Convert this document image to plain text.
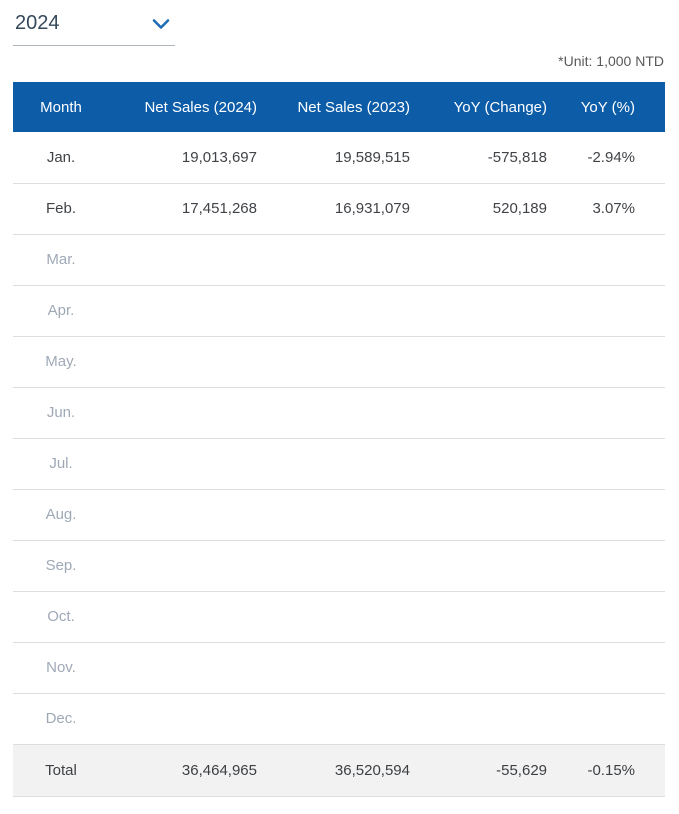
2024
*Unit: 1,000 NTD
Month	Net Sales (2024)	Net Sales (2023)	YoY (Change)	YoY (%)
Jan.	19,013,697	19,589,515	-575,818	-2.94%
Feb.	17,451,268	16,931,079	520,189	3.07%
Mar.				
Apr.				
May.				
Jun.				
Jul.				
Aug.				
Sep.				
Oct.				
Nov.				
Dec.				
Total	36,464,965	36,520,594	-55,629	-0.15%
